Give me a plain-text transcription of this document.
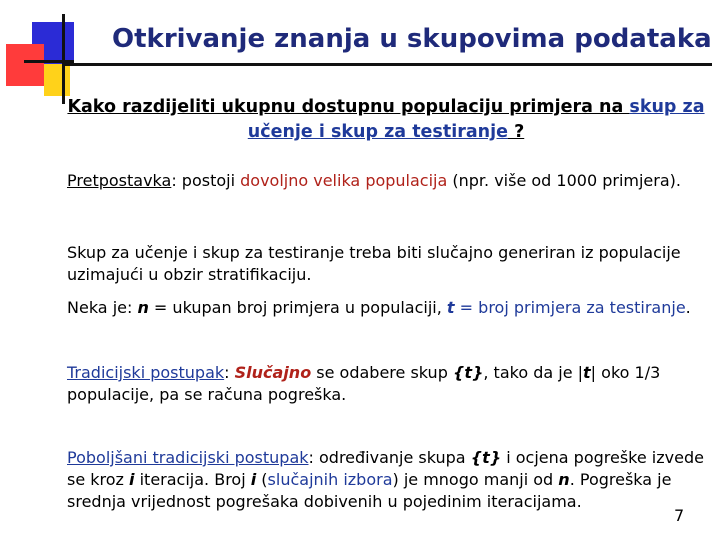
Otkrivanje znanja u skupovima podataka
Kako razdijeliti ukupnu dostupnu populaciju primjera na skup za učenje i skup za testiranje ?
Pretpostavka: postoji dovoljno velika populacija (npr. više od 1000 primjera).
Skup za učenje i skup za testiranje treba biti slučajno generiran iz populacije uzimajući u obzir stratifikaciju.
Neka je: n = ukupan broj primjera u populaciji, t = broj primjera za testiranje.
Tradicijski postupak: Slučajno se odabere skup {t}, tako da je |t| oko 1/3 populacije, pa se računa pogreška.
Poboljšani tradicijski postupak: određivanje skupa {t} i ocjena pogreške izvede se kroz i iteracija. Broj i (slučajnih izbora) je mnogo manji od n. Pogreška je srednja vrijednost pogrešaka dobivenih u pojedinim iteracijama.
7
